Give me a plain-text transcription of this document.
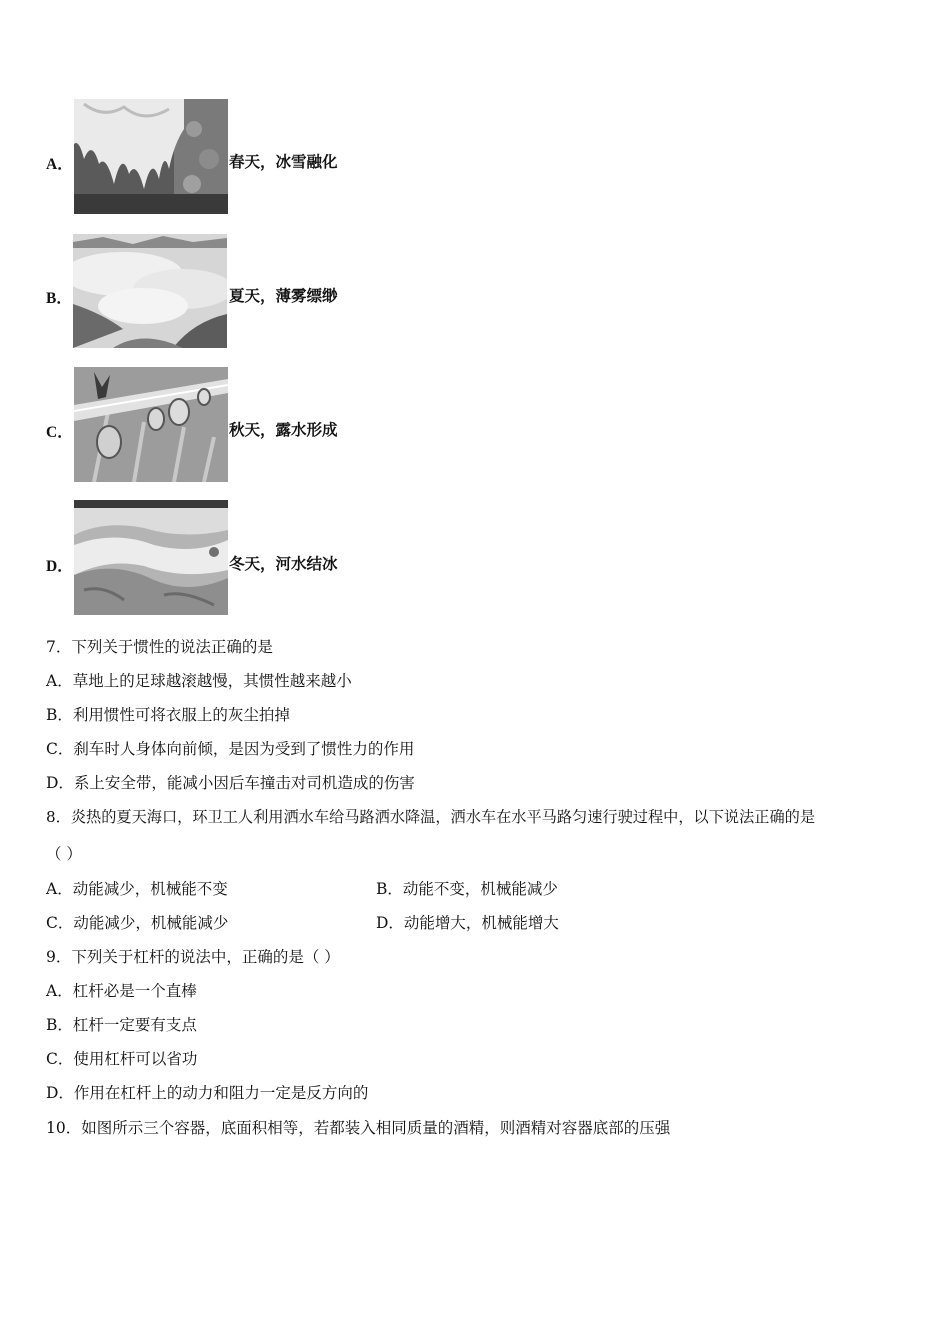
A．	春天，冰雪融化
B．	夏天，薄雾缥缈
C．	秋天，露水形成
D．	冬天，河水结冰
7．下列关于惯性的说法正确的是
A．草地上的足球越滚越慢，其惯性越来越小
B．利用惯性可将衣服上的灰尘拍掉
C．刹车时人身体向前倾，是因为受到了惯性力的作用
D．系上安全带，能减小因后车撞击对司机造成的伤害
8．炎热的夏天海口，环卫工人利用洒水车给马路洒水降温，洒水车在水平马路匀速行驶过程中，以下说法正确的是
（ ）
A．动能减少，机械能不变	B．动能不变，机械能减少
C．动能减少，机械能减少	D．动能增大，机械能增大
9．下列关于杠杆的说法中，正确的是（ ）
A．杠杆必是一个直棒
B．杠杆一定要有支点
C．使用杠杆可以省功
D．作用在杠杆上的动力和阻力一定是反方向的
10．如图所示三个容器，底面积相等，若都装入相同质量的酒精，则酒精对容器底部的压强
